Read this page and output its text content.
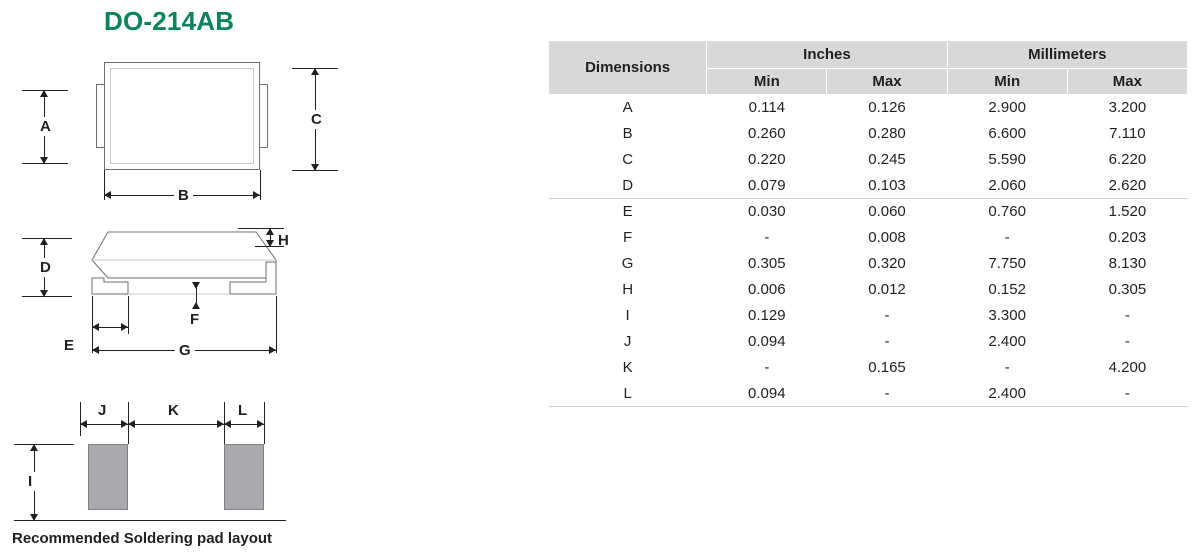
DO-214AB
A	C
B
D
H
F
E	G
J	K	L
I
Recommended Soldering pad layout
Dimensions	Inches		Millimeters	
	Min	Max	Min	Max
A	0.114	0.126	2.900	3.200
B	0.260	0.280	6.600	7.110
C	0.220	0.245	5.590	6.220
D	0.079	0.103	2.060	2.620
E	0.030	0.060	0.760	1.520
F	-	0.008	-	0.203
G	0.305	0.320	7.750	8.130
H	0.006	0.012	0.152	0.305
I	0.129	-	3.300	-
J	0.094	-	2.400	-
K	-	0.165	-	4.200
L	0.094	-	2.400	-
